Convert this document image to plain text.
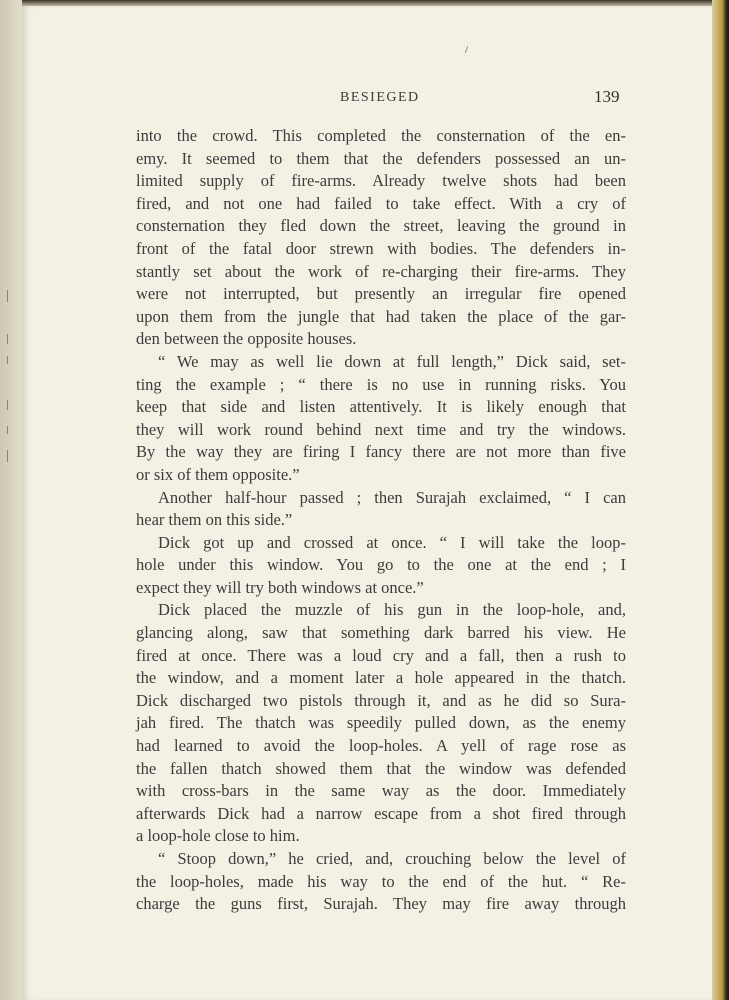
BESIEGED	139
into the crowd. This completed the consternation of the en-
emy. It seemed to them that the defenders possessed an un-
limited supply of fire-arms. Already twelve shots had been
fired, and not one had failed to take effect. With a cry of
consternation they fled down the street, leaving the ground in
front of the fatal door strewn with bodies. The defenders in-
stantly set about the work of re-charging their fire-arms. They
were not interrupted, but presently an irregular fire opened
upon them from the jungle that had taken the place of the gar-
den between the opposite houses.
“ We may as well lie down at full length,” Dick said, set-
ting the example ; “ there is no use in running risks. You
keep that side and listen attentively. It is likely enough that
they will work round behind next time and try the windows.
By the way they are firing I fancy there are not more than five
or six of them opposite.”
Another half-hour passed ; then Surajah exclaimed, “ I can
hear them on this side.”
Dick got up and crossed at once. “ I will take the loop-
hole under this window. You go to the one at the end ; I
expect they will try both windows at once.”
Dick placed the muzzle of his gun in the loop-hole, and,
glancing along, saw that something dark barred his view. He
fired at once. There was a loud cry and a fall, then a rush to
the window, and a moment later a hole appeared in the thatch.
Dick discharged two pistols through it, and as he did so Sura-
jah fired. The thatch was speedily pulled down, as the enemy
had learned to avoid the loop-holes. A yell of rage rose as
the fallen thatch showed them that the window was defended
with cross-bars in the same way as the door. Immediately
afterwards Dick had a narrow escape from a shot fired through
a loop-hole close to him.
“ Stoop down,” he cried, and, crouching below the level of
the loop-holes, made his way to the end of the hut. “ Re-
charge the guns first, Surajah. They may fire away through
